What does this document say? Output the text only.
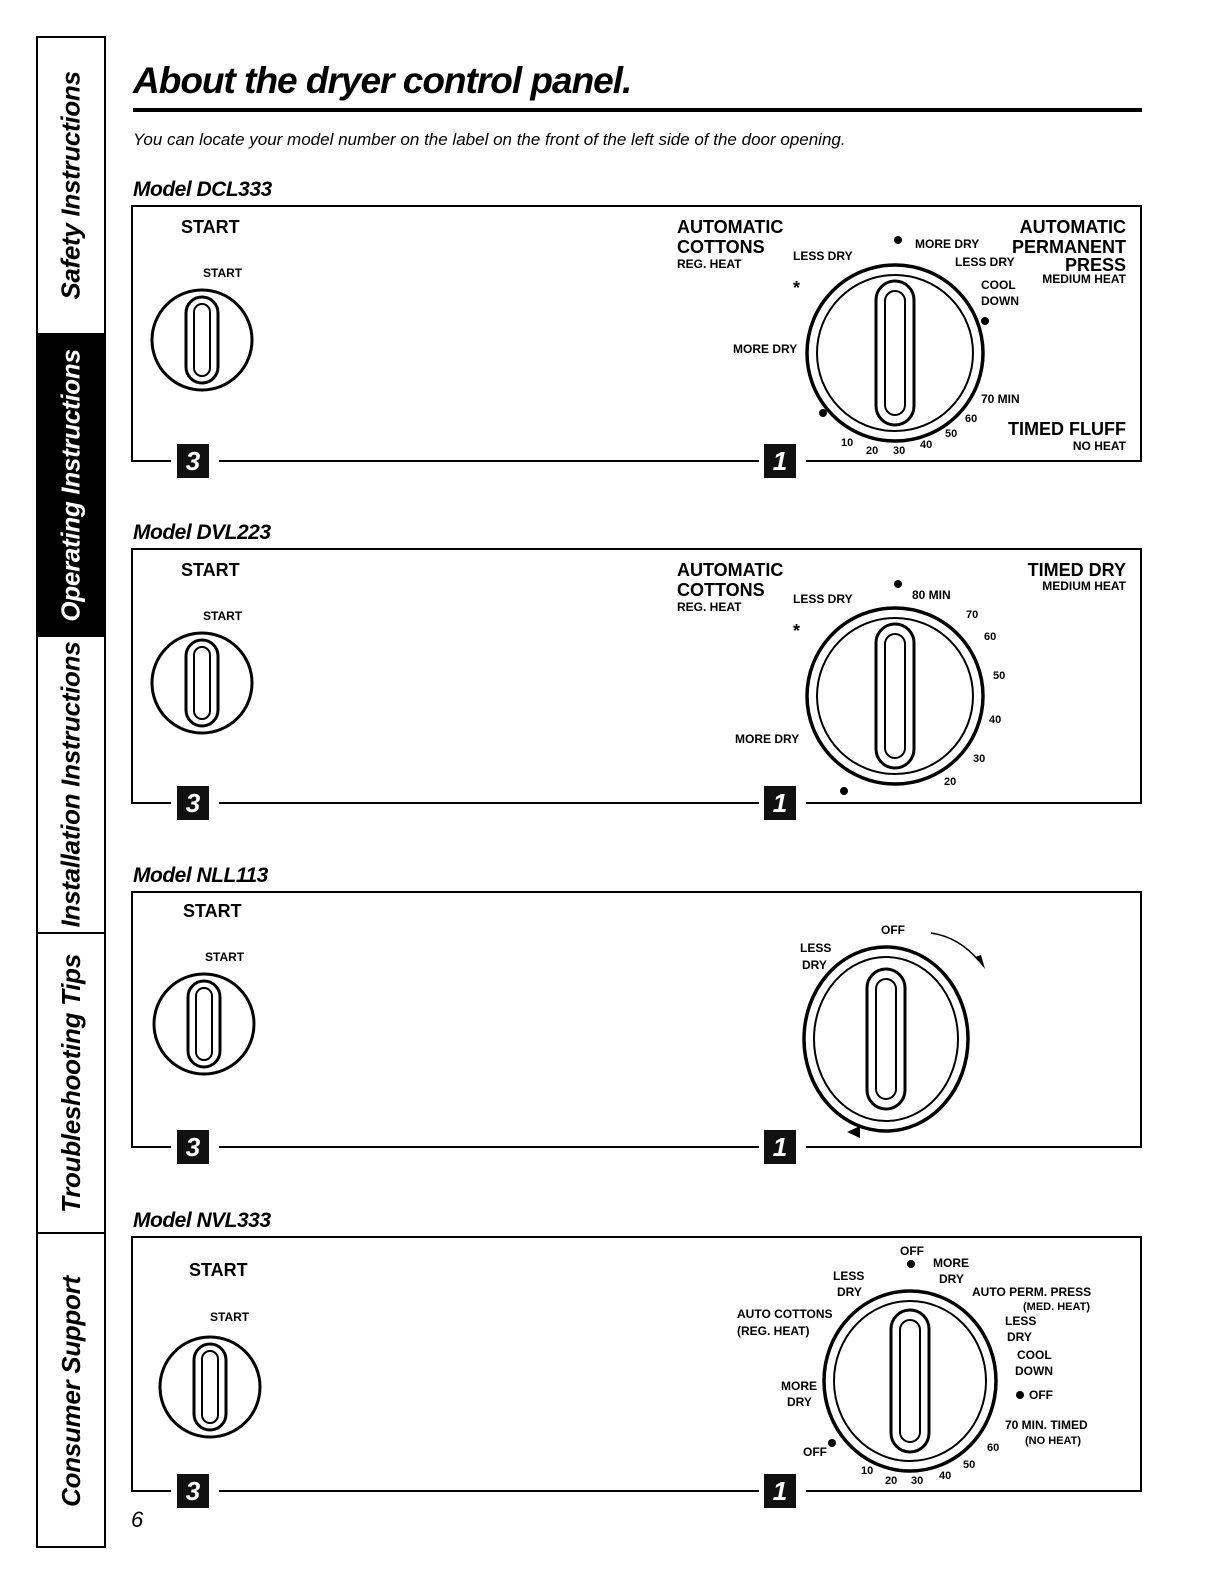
Safety Instructions
Operating Instructions
Installation Instructions
Troubleshooting Tips
Consumer Support
About the dryer control panel.
You can locate your model number on the label on the front of the left side of the door opening.
Model DCL333
START
START
AUTOMATIC
COTTONS
REG. HEAT
LESS DRY
*
MORE DRY
LESS DRY
COOL
DOWN
MORE DRY
70 MIN
60
50
40
30
20
10
AUTOMATIC
PERMANENT
PRESS
MEDIUM HEAT
TIMED FLUFF
NO HEAT
3	1
Model DVL223
START
START
AUTOMATIC
COTTONS
REG. HEAT
LESS DRY
*
80 MIN
70
60
50
40
30
20
MORE DRY
TIMED DRY
MEDIUM HEAT
3	1
Model NLL113
START
START
OFF
LESS
DRY
3	1
Model NVL333
START
START
OFF
MORE
DRY
LESS
DRY	AUTO PERM. PRESS
(MED. HEAT)
LESS
DRY
COOL
DOWN
OFF
AUTO COTTONS
(REG. HEAT)
MORE
DRY
OFF
70 MIN. TIMED
(NO HEAT)
60
50
40
30
20
10
3	1
6
